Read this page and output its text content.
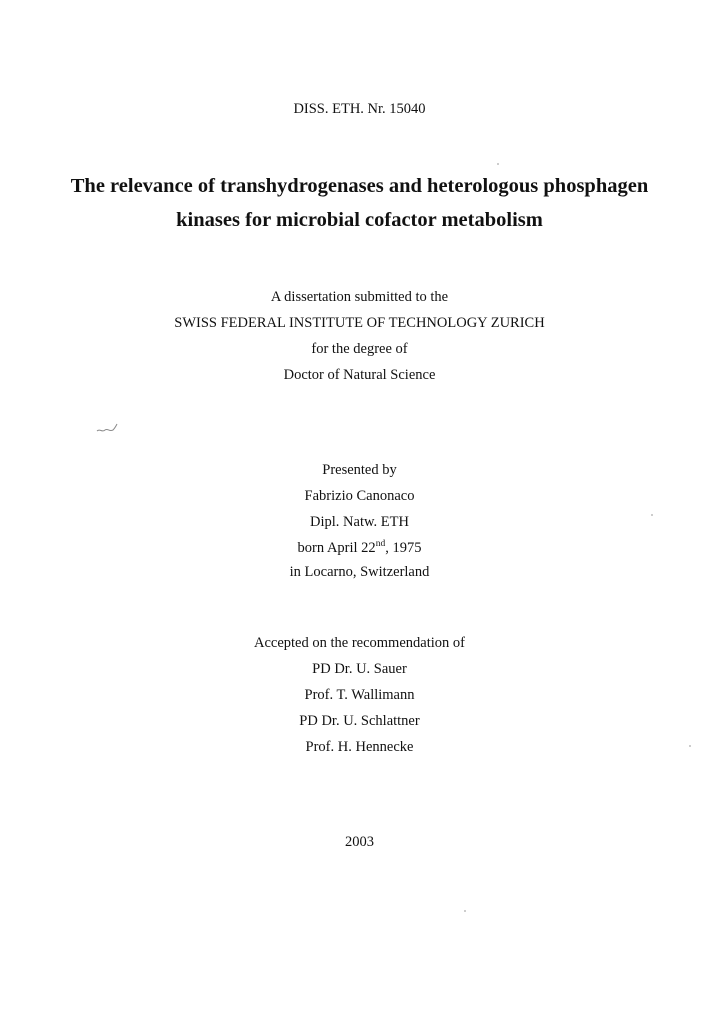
DISS. ETH. Nr. 15040
The relevance of transhydrogenases and heterologous phosphagen
kinases for microbial cofactor metabolism
A dissertation submitted to the
SWISS FEDERAL INSTITUTE OF TECHNOLOGY ZURICH
for the degree of
Doctor of Natural Science
Presented by
Fabrizio Canonaco
Dipl. Natw. ETH
born April 22nd, 1975
in Locarno, Switzerland
Accepted on the recommendation of
PD Dr. U. Sauer
Prof. T. Wallimann
PD Dr. U. Schlattner
Prof. H. Hennecke
2003
